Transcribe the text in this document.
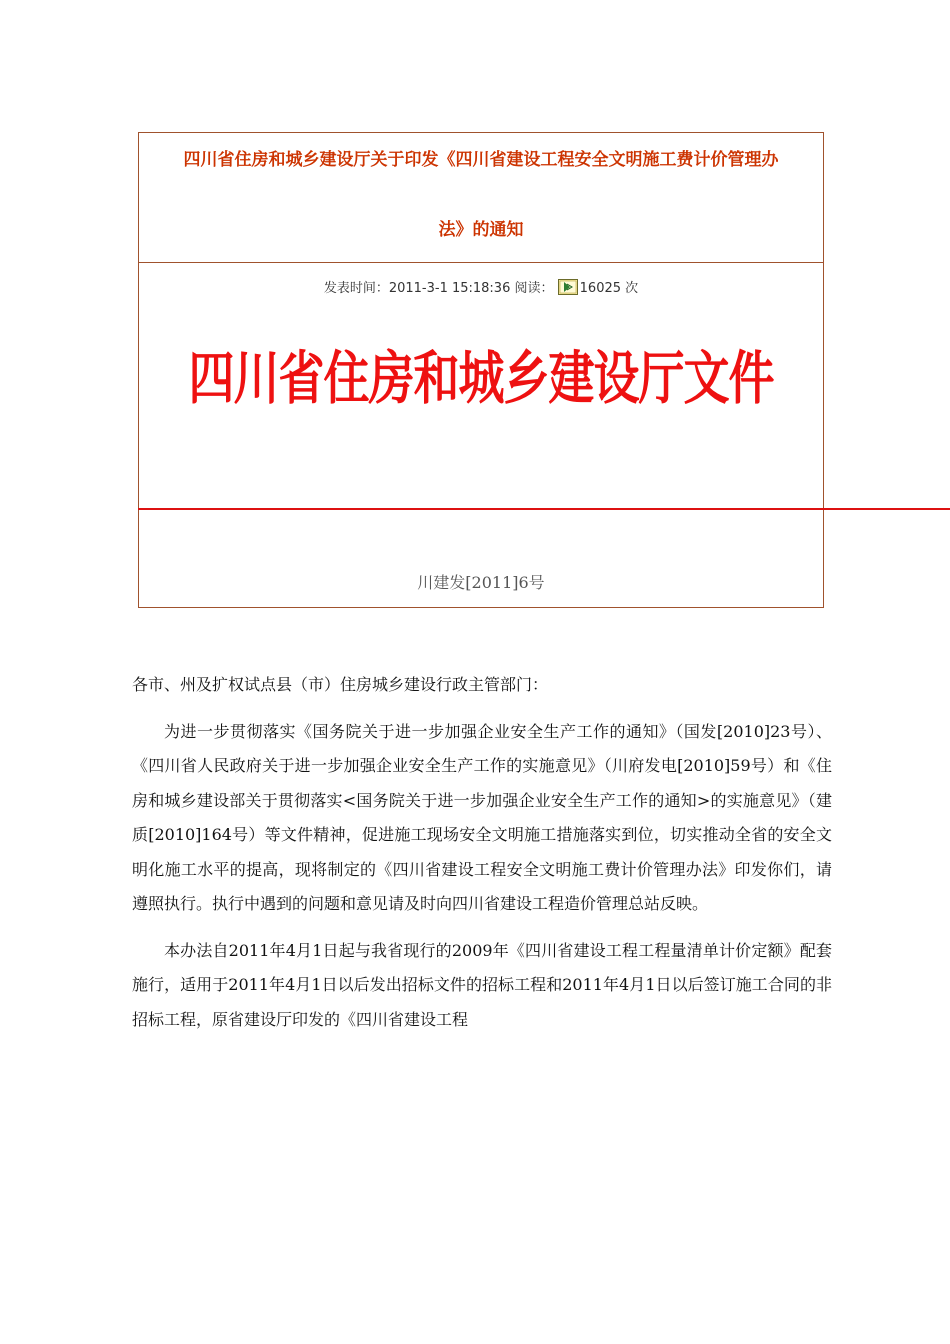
四川省住房和城乡建设厅关于印发《四川省建设工程安全文明施工费计价管理办
法》的通知
发表时间：2011-3-1 15:18:36 阅读： 16025 次
四川省住房和城乡建设厅文件
川建发[2011]6号

各市、州及扩权试点县（市）住房城乡建设行政主管部门：

为进一步贯彻落实《国务院关于进一步加强企业安全生产工作的通知》（国发[2010]23号）、《四川省人民政府关于进一步加强企业安全生产工作的实施意见》（川府发电[2010]59号）和《住房和城乡建设部关于贯彻落实<国务院关于进一步加强企业安全生产工作的通知>的实施意见》（建质[2010]164号）等文件精神，促进施工现场安全文明施工措施落实到位，切实推动全省的安全文明化施工水平的提高，现将制定的《四川省建设工程安全文明施工费计价管理办法》印发你们，请遵照执行。执行中遇到的问题和意见请及时向四川省建设工程造价管理总站反映。

本办法自2011年4月1日起与我省现行的2009年《四川省建设工程工程量清单计价定额》配套施行，适用于2011年4月1日以后发出招标文件的招标工程和2011年4月1日以后签订施工合同的非招标工程，原省建设厅印发的《四川省建设工程
